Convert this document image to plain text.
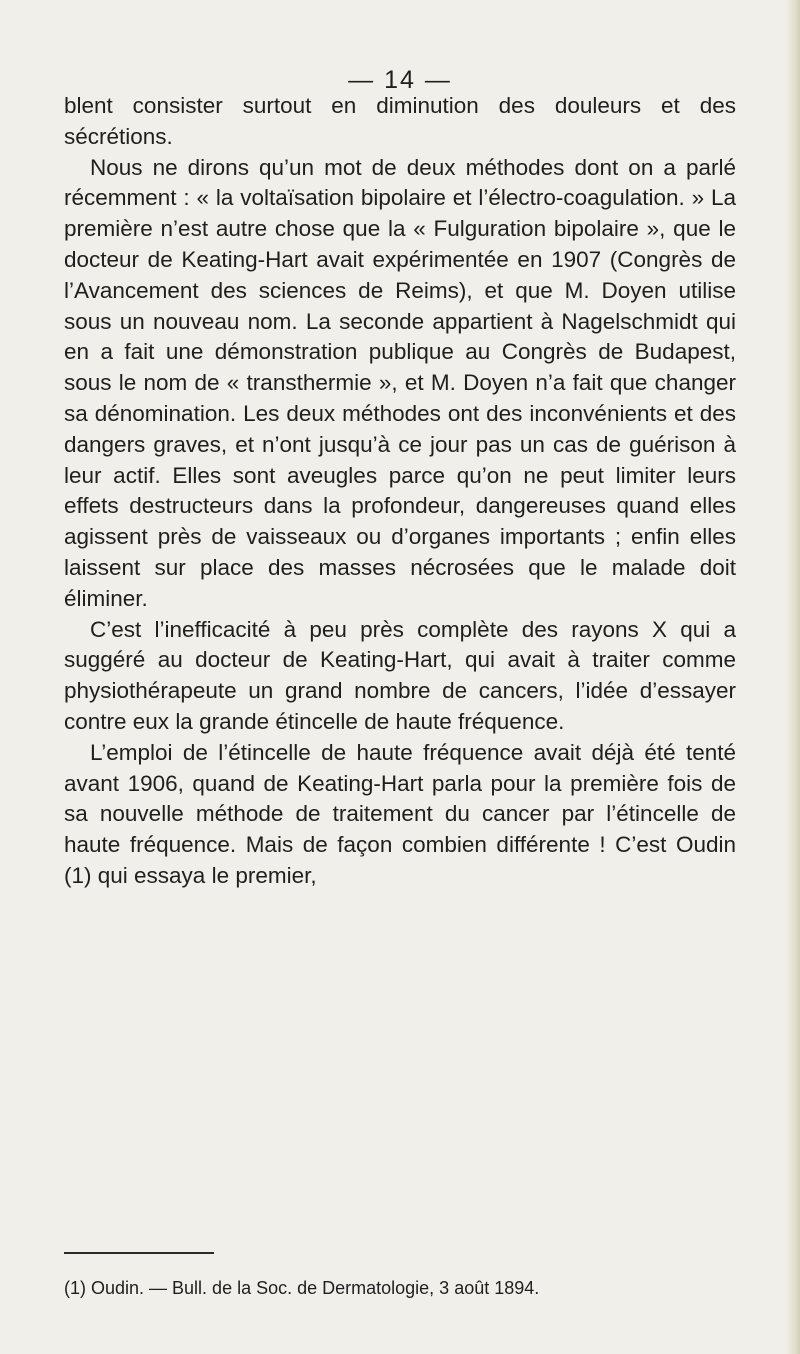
— 14 —

blent consister surtout en diminution des douleurs et des sécrétions.

Nous ne dirons qu’un mot de deux méthodes dont on a parlé récemment : « la voltaïsation bipolaire et l’électro-coagulation. » La première n’est autre chose que la « Fulguration bipolaire », que le docteur de Keating-Hart avait expérimentée en 1907 (Congrès de l’Avancement des sciences de Reims), et que M. Doyen utilise sous un nouveau nom. La seconde appartient à Nagelschmidt qui en a fait une démonstration publique au Congrès de Budapest, sous le nom de « transthermie », et M. Doyen n’a fait que changer sa dénomination. Les deux méthodes ont des inconvénients et des dangers graves, et n’ont jusqu’à ce jour pas un cas de guérison à leur actif. Elles sont aveugles parce qu’on ne peut limiter leurs effets destructeurs dans la profondeur, dangereuses quand elles agissent près de vaisseaux ou d’organes importants ; enfin elles laissent sur place des masses nécrosées que le malade doit éliminer.

C’est l’inefficacité à peu près complète des rayons X qui a suggéré au docteur de Keating-Hart, qui avait à traiter comme physiothérapeute un grand nombre de cancers, l’idée d’essayer contre eux la grande étincelle de haute fréquence.

L’emploi de l’étincelle de haute fréquence avait déjà été tenté avant 1906, quand de Keating-Hart parla pour la première fois de sa nouvelle méthode de traitement du cancer par l’étincelle de haute fréquence. Mais de façon combien différente ! C’est Oudin (1) qui essaya le premier,

(1) Oudin. — Bull. de la Soc. de Dermatologie, 3 août 1894.
